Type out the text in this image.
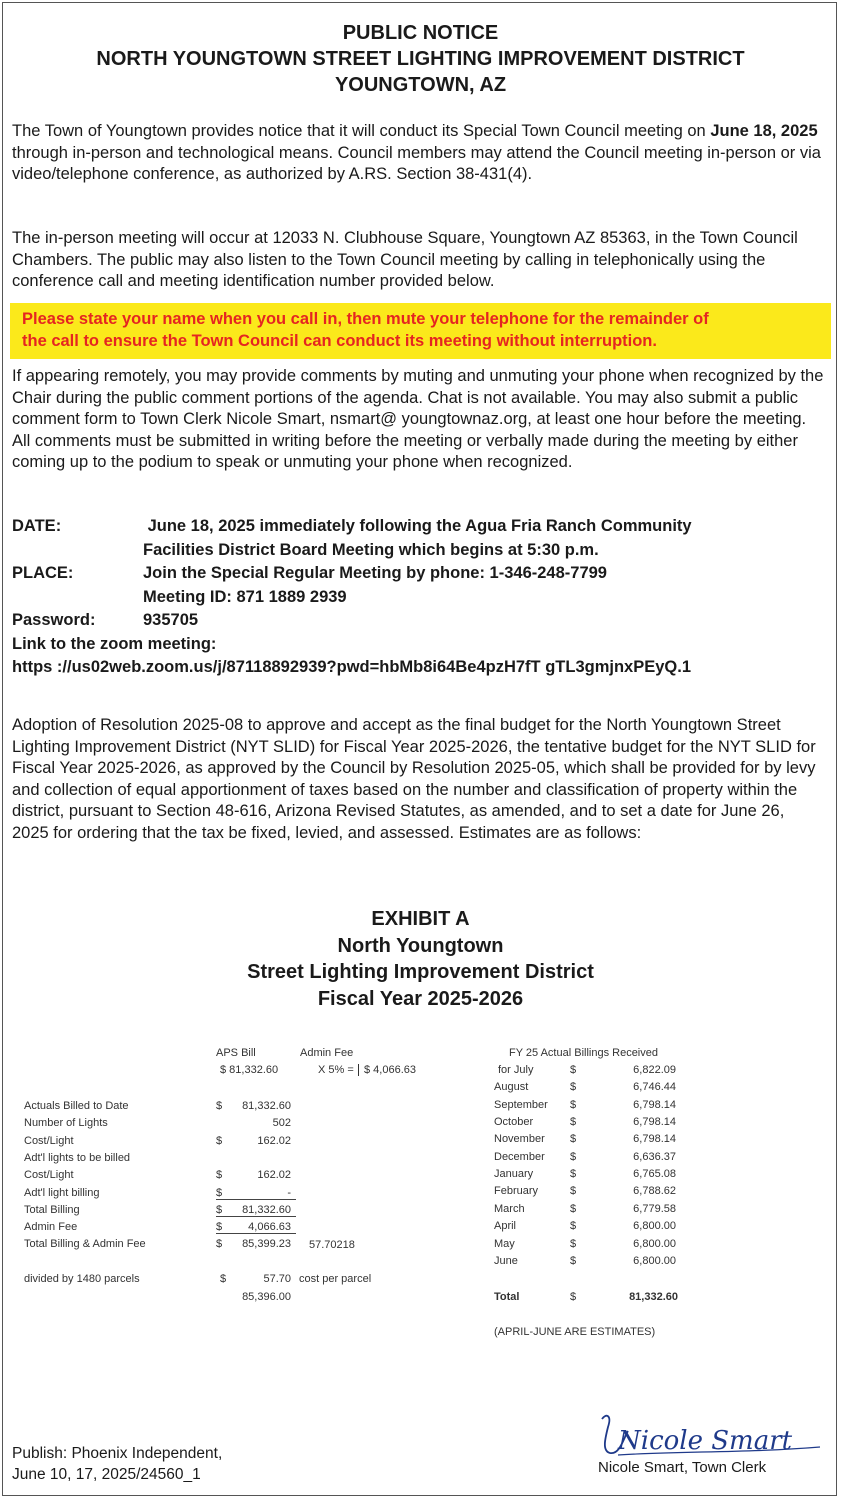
PUBLIC NOTICE
NORTH YOUNGTOWN STREET LIGHTING IMPROVEMENT DISTRICT
YOUNGTOWN, AZ

The Town of Youngtown provides notice that it will conduct its Special Town Council meeting on June 18, 2025 through in-person and technological means. Council members may attend the Council meeting in-person or via video/telephone conference, as authorized by A.RS. Section 38-431(4).

The in-person meeting will occur at 12033 N. Clubhouse Square, Youngtown AZ 85363, in the Town Council Chambers. The public may also listen to the Town Council meeting by calling in telephonically using the conference call and meeting identification number provided below.

Please state your name when you call in, then mute your telephone for the remainder of
the call to ensure the Town Council can conduct its meeting without interruption.

If appearing remotely, you may provide comments by muting and unmuting your phone when recognized by the Chair during the public comment portions of the agenda. Chat is not available. You may also submit a public comment form to Town Clerk Nicole Smart, nsmart@ youngtownaz.org, at least one hour before the meeting. All comments must be submitted in writing before the meeting or verbally made during the meeting by either coming up to the podium to speak or unmuting your phone when recognized.

DATE:	June 18, 2025 immediately following the Agua Fria Ranch Community
Facilities District Board Meeting which begins at 5:30 p.m.
PLACE:	Join the Special Regular Meeting by phone: 1-346-248-7799
Meeting ID: 871 1889 2939
Password:	935705
Link to the zoom meeting:
https ://us02web.zoom.us/j/87118892939?pwd=hbMb8i64Be4pzH7fT gTL3gmjnxPEyQ.1

Adoption of Resolution 2025-08 to approve and accept as the final budget for the North Youngtown Street Lighting Improvement District (NYT SLID) for Fiscal Year 2025-2026, the tentative budget for the NYT SLID for Fiscal Year 2025-2026, as approved by the Council by Resolution 2025-05, which shall be provided for by levy and collection of equal apportionment of taxes based on the number and classification of property within the district, pursuant to Section 48-616, Arizona Revised Statutes, as amended, and to set a date for June 26, 2025 for ordering that the tax be fixed, levied, and assessed. Estimates are as follows:

EXHIBIT A
North Youngtown
Street Lighting Improvement District
Fiscal Year 2025-2026
APS Bill	Admin Fee
$ 81,332.60	X 5% = $ 4,066.63
Actuals Billed to Date	$	81,332.60
Number of Lights	502
Cost/Light	$	162.02
Adt'l lights to be billed
Cost/Light	$	162.02
Adt'l light billing	$	-
Total Billing	$	81,332.60
Admin Fee	$	4,066.63
Total Billing & Admin Fee	$	85,399.23 57.70218
divided by 1480 parcels	$	57.70 cost per parcel
85,396.00
FY 25 Actual Billings Received
for July	$	6,822.09
August	$	6,746.44
September $	6,798.14
October	$	6,798.14
November $	6,798.14
December $	6,636.37
January	$	6,765.08
February	$	6,788.62
March	$	6,779.58
April	$	6,800.00
May	$	6,800.00
June	$	6,800.00
Total	$	81,332.60
(APRIL-JUNE ARE ESTIMATES)
Publish: Phoenix Independent,
June 10, 17, 2025/24560_1
Nicole Smart
Nicole Smart, Town Clerk
